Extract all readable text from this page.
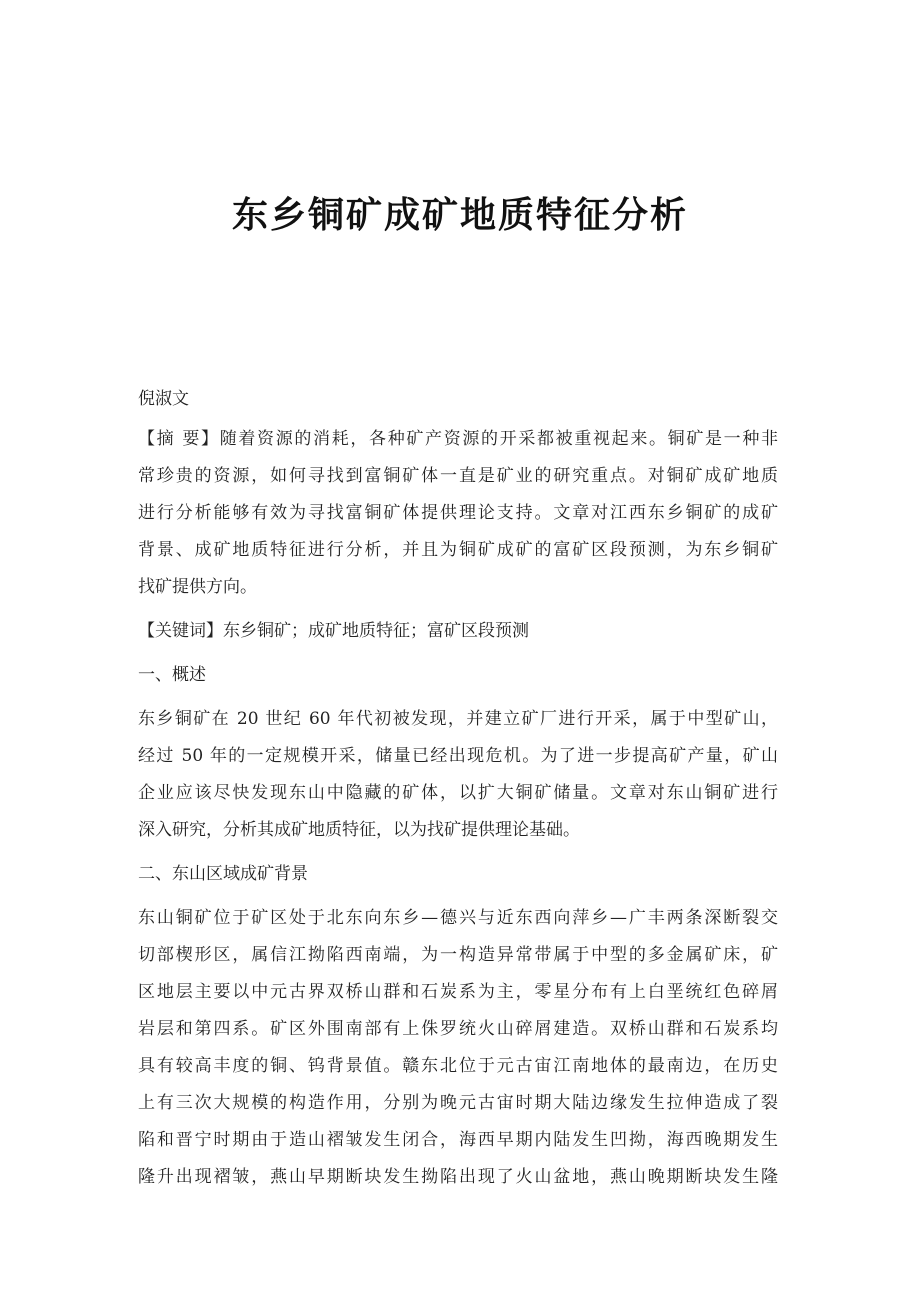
东乡铜矿成矿地质特征分析
倪淑文
【摘 要】随着资源的消耗，各种矿产资源的开采都被重视起来。铜矿是一种非
常珍贵的资源，如何寻找到富铜矿体一直是矿业的研究重点。对铜矿成矿地质
进行分析能够有效为寻找富铜矿体提供理论支持。文章对江西东乡铜矿的成矿
背景、成矿地质特征进行分析，并且为铜矿成矿的富矿区段预测，为东乡铜矿
找矿提供方向。
【关键词】东乡铜矿；成矿地质特征；富矿区段预测
一、概述
东乡铜矿在 20 世纪 60 年代初被发现，并建立矿厂进行开采，属于中型矿山，
经过 50 年的一定规模开采，储量已经出现危机。为了进一步提高矿产量，矿山
企业应该尽快发现东山中隐藏的矿体，以扩大铜矿储量。文章对东山铜矿进行
深入研究，分析其成矿地质特征，以为找矿提供理论基础。
二、东山区域成矿背景
东山铜矿位于矿区处于北东向东乡—德兴与近东西向萍乡—广丰两条深断裂交
切部楔形区，属信江拗陷西南端，为一构造异常带属于中型的多金属矿床，矿
区地层主要以中元古界双桥山群和石炭系为主，零星分布有上白垩统红色碎屑
岩层和第四系。矿区外围南部有上侏罗统火山碎屑建造。双桥山群和石炭系均
具有较高丰度的铜、钨背景值。赣东北位于元古宙江南地体的最南边，在历史
上有三次大规模的构造作用，分别为晚元古宙时期大陆边缘发生拉伸造成了裂
陷和晋宁时期由于造山褶皱发生闭合，海西早期内陆发生凹拗，海西晚期发生
隆升出现褶皱，燕山早期断块发生拗陷出现了火山盆地，燕山晚期断块发生隆
